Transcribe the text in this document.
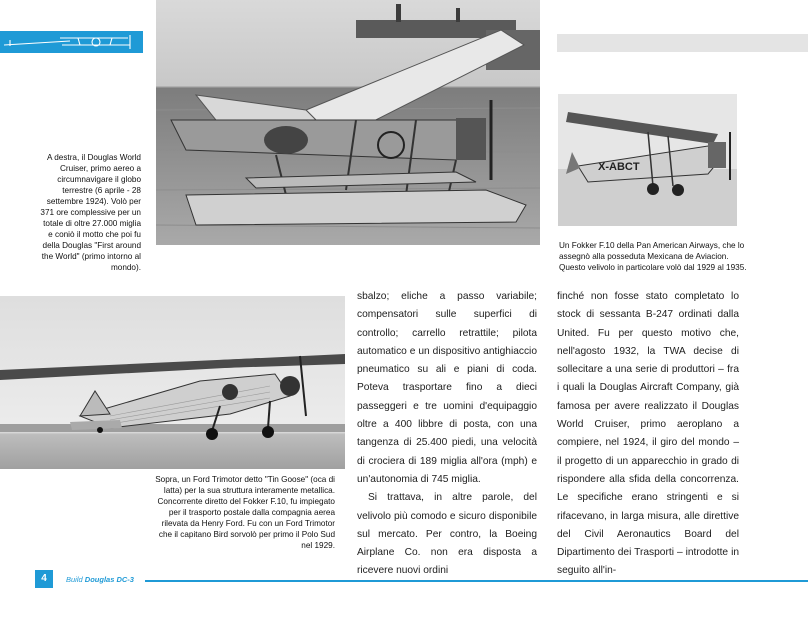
A destra, il Douglas World Cruiser, primo aereo a circumnavigare il globo terrestre (6 aprile - 28 settembre 1924). Volò per 371 ore complessive per un totale di oltre 27.000 miglia e coniò il motto che poi fu della Douglas "First around the World" (primo intorno al mondo).
X-ABCT
Un Fokker F.10 della Pan American Airways, che lo assegnò alla posseduta Mexicana de Aviacion. Questo velivolo in particolare volò dal 1929 al 1935.
Sopra, un Ford Trimotor detto "Tin Goose" (oca di latta) per la sua struttura interamente metallica. Concorrente diretto del Fokker F.10, fu impiegato per il trasporto postale dalla compagnia aerea rilevata da Henry Ford. Fu con un Ford Trimotor che il capitano Bird sorvolò per primo il Polo Sud nel 1929.

sbalzo; eliche a passo variabile; compensatori sulle superfici di controllo; carrello retrattile; pilota automatico e un dispositivo antighiaccio pneumatico su ali e piani di coda. Poteva trasportare fino a dieci passeggeri e tre uomini d'equipaggio oltre a 400 libbre di posta, con una tangenza di 25.400 piedi, una velocità di crociera di 189 miglia all'ora (mph) e un'autonomia di 745 miglia.

Si trattava, in altre parole, del velivolo più comodo e sicuro disponibile sul mercato. Per contro, la Boeing Airplane Co. non era disposta a ricevere nuovi ordini

finché non fosse stato completato lo stock di sessanta B-247 ordinati dalla United. Fu per questo motivo che, nell'agosto 1932, la TWA decise di sollecitare a una serie di produttori – fra i quali la Douglas Aircraft Company, già famosa per avere realizzato il Douglas World Cruiser, primo aeroplano a compiere, nel 1924, il giro del mondo – il progetto di un apparecchio in grado di rispondere alla sfida della concorrenza. Le specifiche erano stringenti e si rifacevano, in larga misura, alle direttive del Civil Aeronautics Board del Dipartimento dei Trasporti – introdotte in seguito all'in-

4	Build Douglas DC-3
